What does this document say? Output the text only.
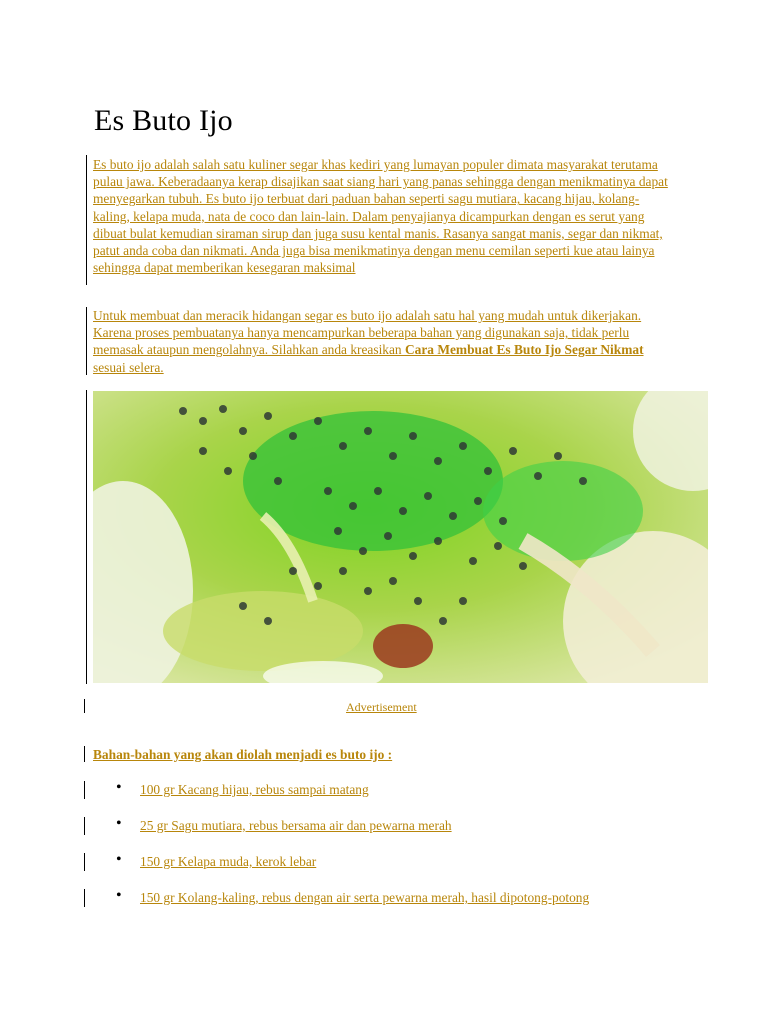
Es Buto Ijo

Es buto ijo adalah salah satu kuliner segar khas kediri yang lumayan populer dimata masyarakat terutama pulau jawa. Keberadaanya kerap disajikan saat siang hari yang panas sehingga dengan menikmatinya dapat menyegarkan tubuh. Es buto ijo terbuat dari paduan bahan seperti sagu mutiara, kacang hijau, kolang-kaling, kelapa muda, nata de coco dan lain-lain. Dalam penyajianya dicampurkan dengan es serut yang dibuat bulat kemudian siraman sirup dan juga susu kental manis. Rasanya sangat manis, segar dan nikmat, patut anda coba dan nikmati. Anda juga bisa menikmatinya dengan menu cemilan seperti kue atau lainya sehingga dapat memberikan kesegaran maksimal

Untuk membuat dan meracik hidangan segar es buto ijo adalah satu hal yang mudah untuk dikerjakan. Karena proses pembuatanya hanya mencampurkan beberapa bahan yang digunakan saja, tidak perlu memasak ataupun mengolahnya. Silahkan anda kreasikan Cara Membuat Es Buto Ijo Segar Nikmat sesuai selera.

Advertisement
Bahan-bahan yang akan diolah menjadi es buto ijo :
• 100 gr Kacang hijau, rebus sampai matang
• 25 gr Sagu mutiara, rebus bersama air dan pewarna merah
• 150 gr Kelapa muda, kerok lebar
• 150 gr Kolang-kaling, rebus dengan air serta pewarna merah, hasil dipotong-potong
